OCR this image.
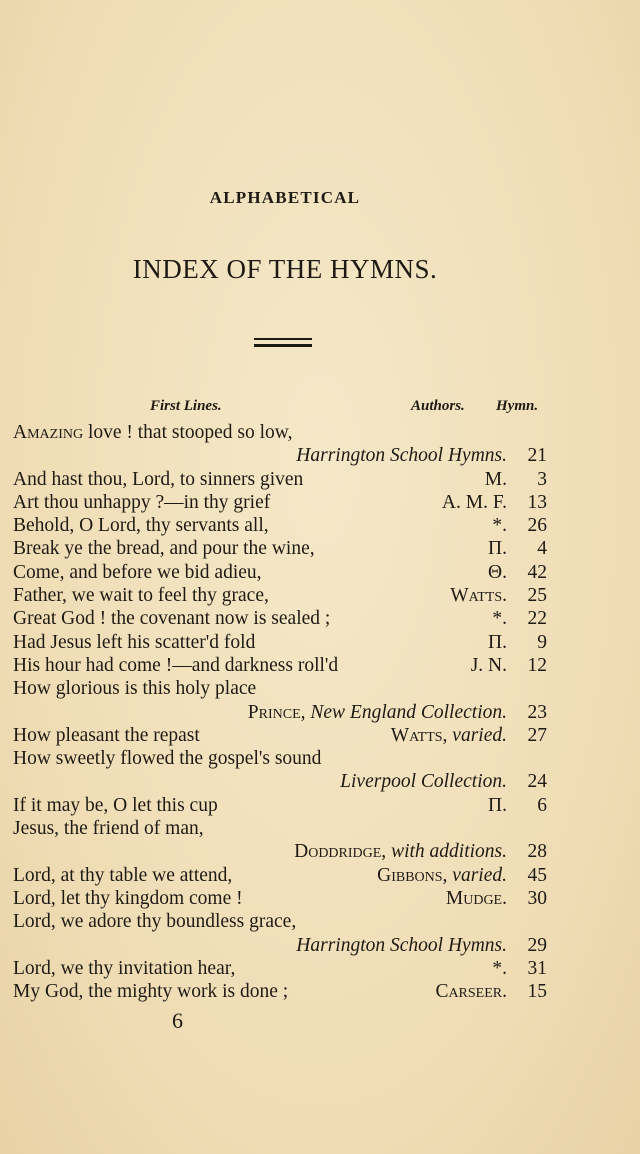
ALPHABETICAL
INDEX OF THE HYMNS.
First Lines.	Authors. Hymn.
Amazing love ! that stooped so low,
Harrington School Hymns.	21
And hast thou, Lord, to sinners given	M.	3
Art thou unhappy ?—in thy grief	A. M. F.	13
Behold, O Lord, thy servants all,	*.	26
Break ye the bread, and pour the wine,	Π.	4
Come, and before we bid adieu,	Θ.	42
Father, we wait to feel thy grace,	Watts.	25
Great God ! the covenant now is sealed ;	*.	22
Had Jesus left his scatter'd fold	Π.	9
His hour had come !—and darkness roll'd	J. N.	12
How glorious is this holy place
Prince, New England Collection.	23
How pleasant the repast	Watts, varied.	27
How sweetly flowed the gospel's sound
Liverpool Collection.	24
If it may be, O let this cup	Π.	6
Jesus, the friend of man,
Doddridge, with additions.	28
Lord, at thy table we attend,	Gibbons, varied.	45
Lord, let thy kingdom come !	Mudge.	30
Lord, we adore thy boundless grace,
Harrington School Hymns.	29
Lord, we thy invitation hear,	*.	31
My God, the mighty work is done ;	Carseer.	15
6
